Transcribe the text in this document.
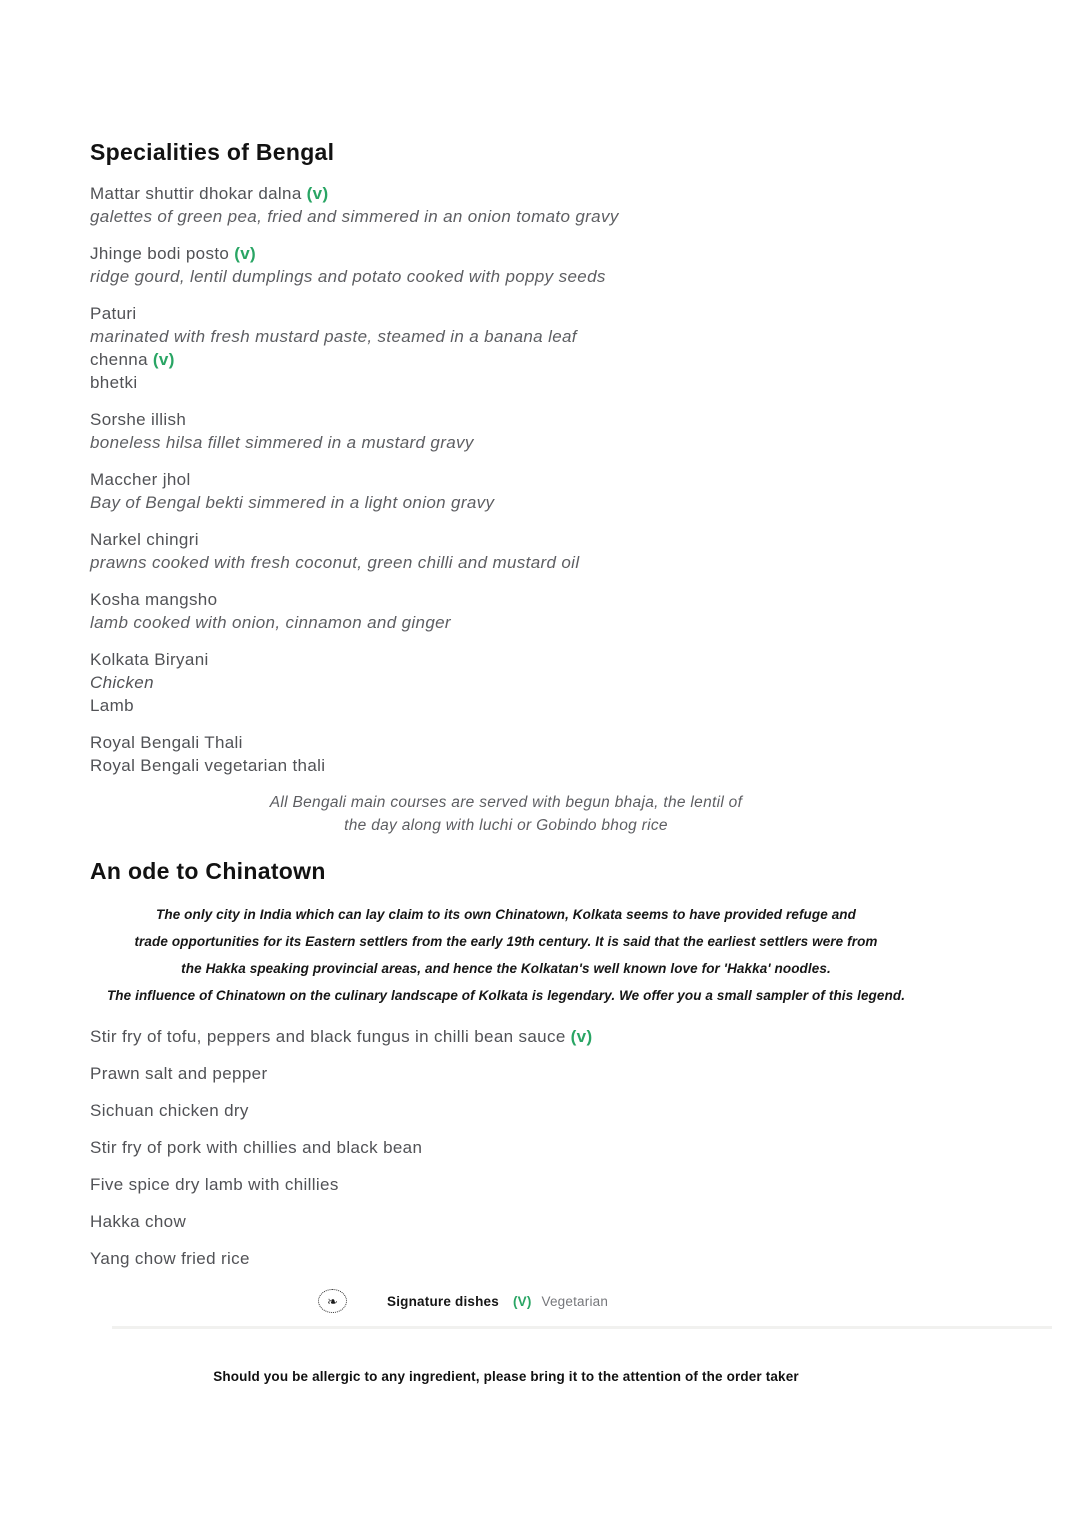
Specialities of Bengal
Mattar shuttir dhokar dalna (v)
galettes of green pea, fried and simmered in an onion tomato gravy
Jhinge bodi posto (v)
ridge gourd, lentil dumplings and potato cooked with poppy seeds
Paturi
marinated with fresh mustard paste, steamed in a banana leaf
chenna (v)
bhetki
Sorshe illish
boneless hilsa fillet simmered in a mustard gravy
Maccher jhol
Bay of Bengal bekti simmered in a light onion gravy
Narkel chingri
prawns cooked with fresh coconut, green chilli and mustard oil
Kosha mangsho
lamb cooked with onion, cinnamon and ginger
Kolkata Biryani
Chicken
Lamb
Royal Bengali Thali
Royal Bengali vegetarian thali
All Bengali main courses are served with begun bhaja, the lentil of
the day along with luchi or Gobindo bhog rice
An ode to Chinatown
The only city in India which can lay claim to its own Chinatown, Kolkata seems to have provided refuge and
trade opportunities for its Eastern settlers from the early 19th century. It is said that the earliest settlers were from
the Hakka speaking provincial areas, and hence the Kolkatan's well known love for 'Hakka' noodles.
The influence of Chinatown on the culinary landscape of Kolkata is legendary. We offer you a small sampler of this legend.
Stir fry of tofu, peppers and black fungus in chilli bean sauce (v)
Prawn salt and pepper
Sichuan chicken dry
Stir fry of pork with chillies and black bean
Five spice dry lamb with chillies
Hakka chow
Yang chow fried rice
❧	Signature dishes (V) Vegetarian
Should you be allergic to any ingredient, please bring it to the attention of the order taker
